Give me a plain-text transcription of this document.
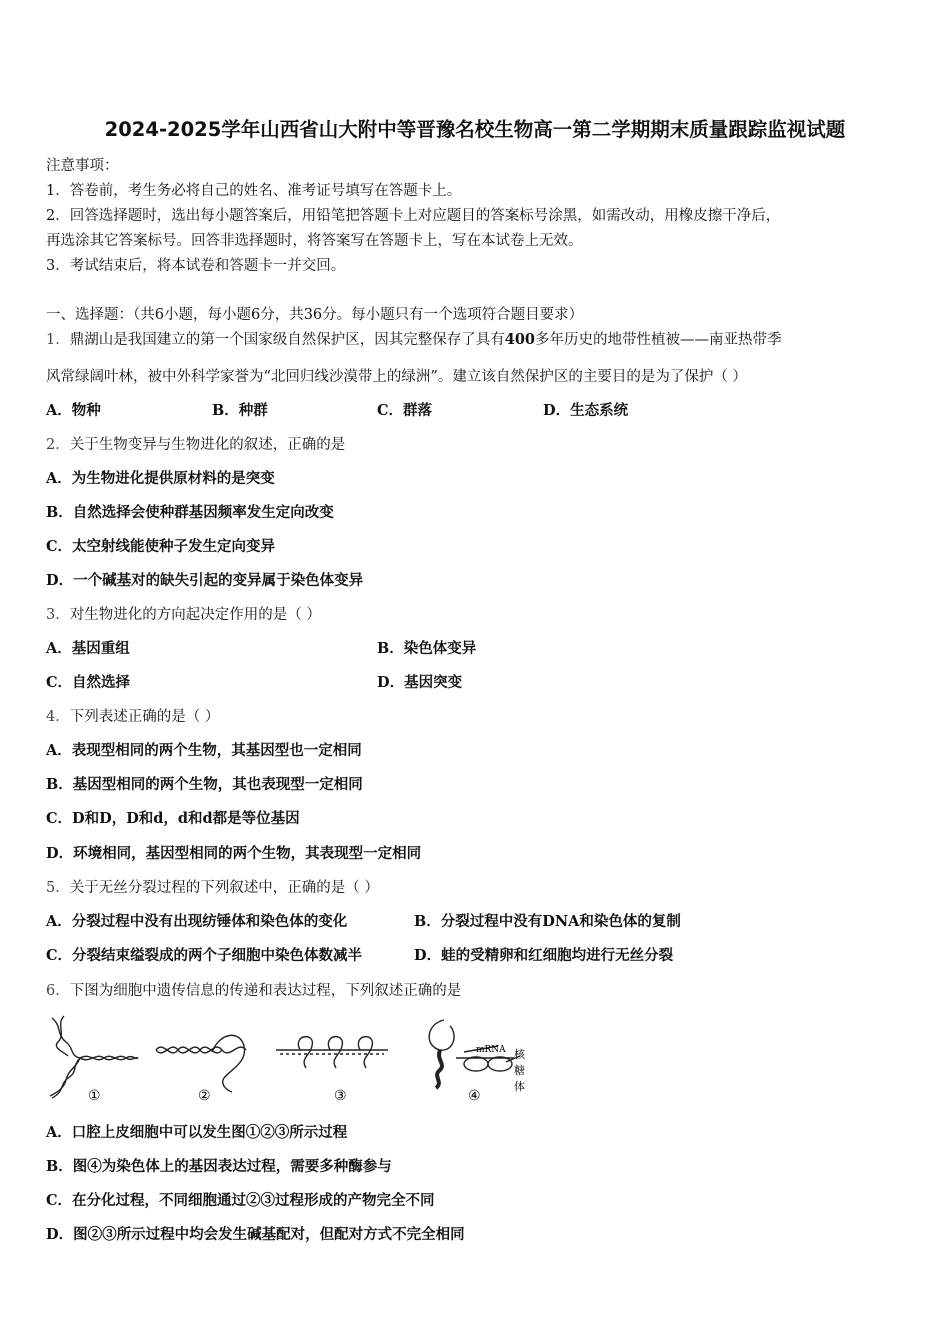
2024-2025学年山西省山大附中等晋豫名校生物高一第二学期期末质量跟踪监视试题
注意事项：
1．答卷前，考生务必将自己的姓名、准考证号填写在答题卡上。
2．回答选择题时，选出每小题答案后，用铅笔把答题卡上对应题目的答案标号涂黑，如需改动，用橡皮擦干净后，
再选涂其它答案标号。回答非选择题时，将答案写在答题卡上，写在本试卷上无效。
3．考试结束后，将本试卷和答题卡一并交回。
一、选择题：（共6小题，每小题6分，共36分。每小题只有一个选项符合题目要求）
1．鼎湖山是我国建立的第一个国家级自然保护区，因其完整保存了具有400多年历史的地带性植被——南亚热带季
风常绿阔叶林，被中外科学家誉为“北回归线沙漠带上的绿洲”。建立该自然保护区的主要目的是为了保护（ ）
A．物种	B．种群	C．群落	D．生态系统
2．关于生物变异与生物进化的叙述，正确的是
A．为生物进化提供原材料的是突变
B．自然选择会使种群基因频率发生定向改变
C．太空射线能使种子发生定向变异
D．一个碱基对的缺失引起的变异属于染色体变异
3．对生物进化的方向起决定作用的是（ ）
A．基因重组	B．染色体变异
C．自然选择	D．基因突变
4．下列表述正确的是（ ）
A．表现型相同的两个生物，其基因型也一定相同
B．基因型相同的两个生物，其也表现型一定相同
C．D和D，D和d，d和d都是等位基因
D．环境相同，基因型相同的两个生物，其表现型一定相同
5．关于无丝分裂过程的下列叙述中，正确的是（ ）
A．分裂过程中没有出现纺锤体和染色体的变化	B．分裂过程中没有DNA和染色体的复制
C．分裂结束缢裂成的两个子细胞中染色体数减半	D．蛙的受精卵和红细胞均进行无丝分裂
6．下图为细胞中遗传信息的传递和表达过程，下列叙述正确的是
①	②	③	④
mRNA 核
糖
体
A．口腔上皮细胞中可以发生图①②③所示过程
B．图④为染色体上的基因表达过程，需要多种酶参与
C．在分化过程，不同细胞通过②③过程形成的产物完全不同
D．图②③所示过程中均会发生碱基配对，但配对方式不完全相同
